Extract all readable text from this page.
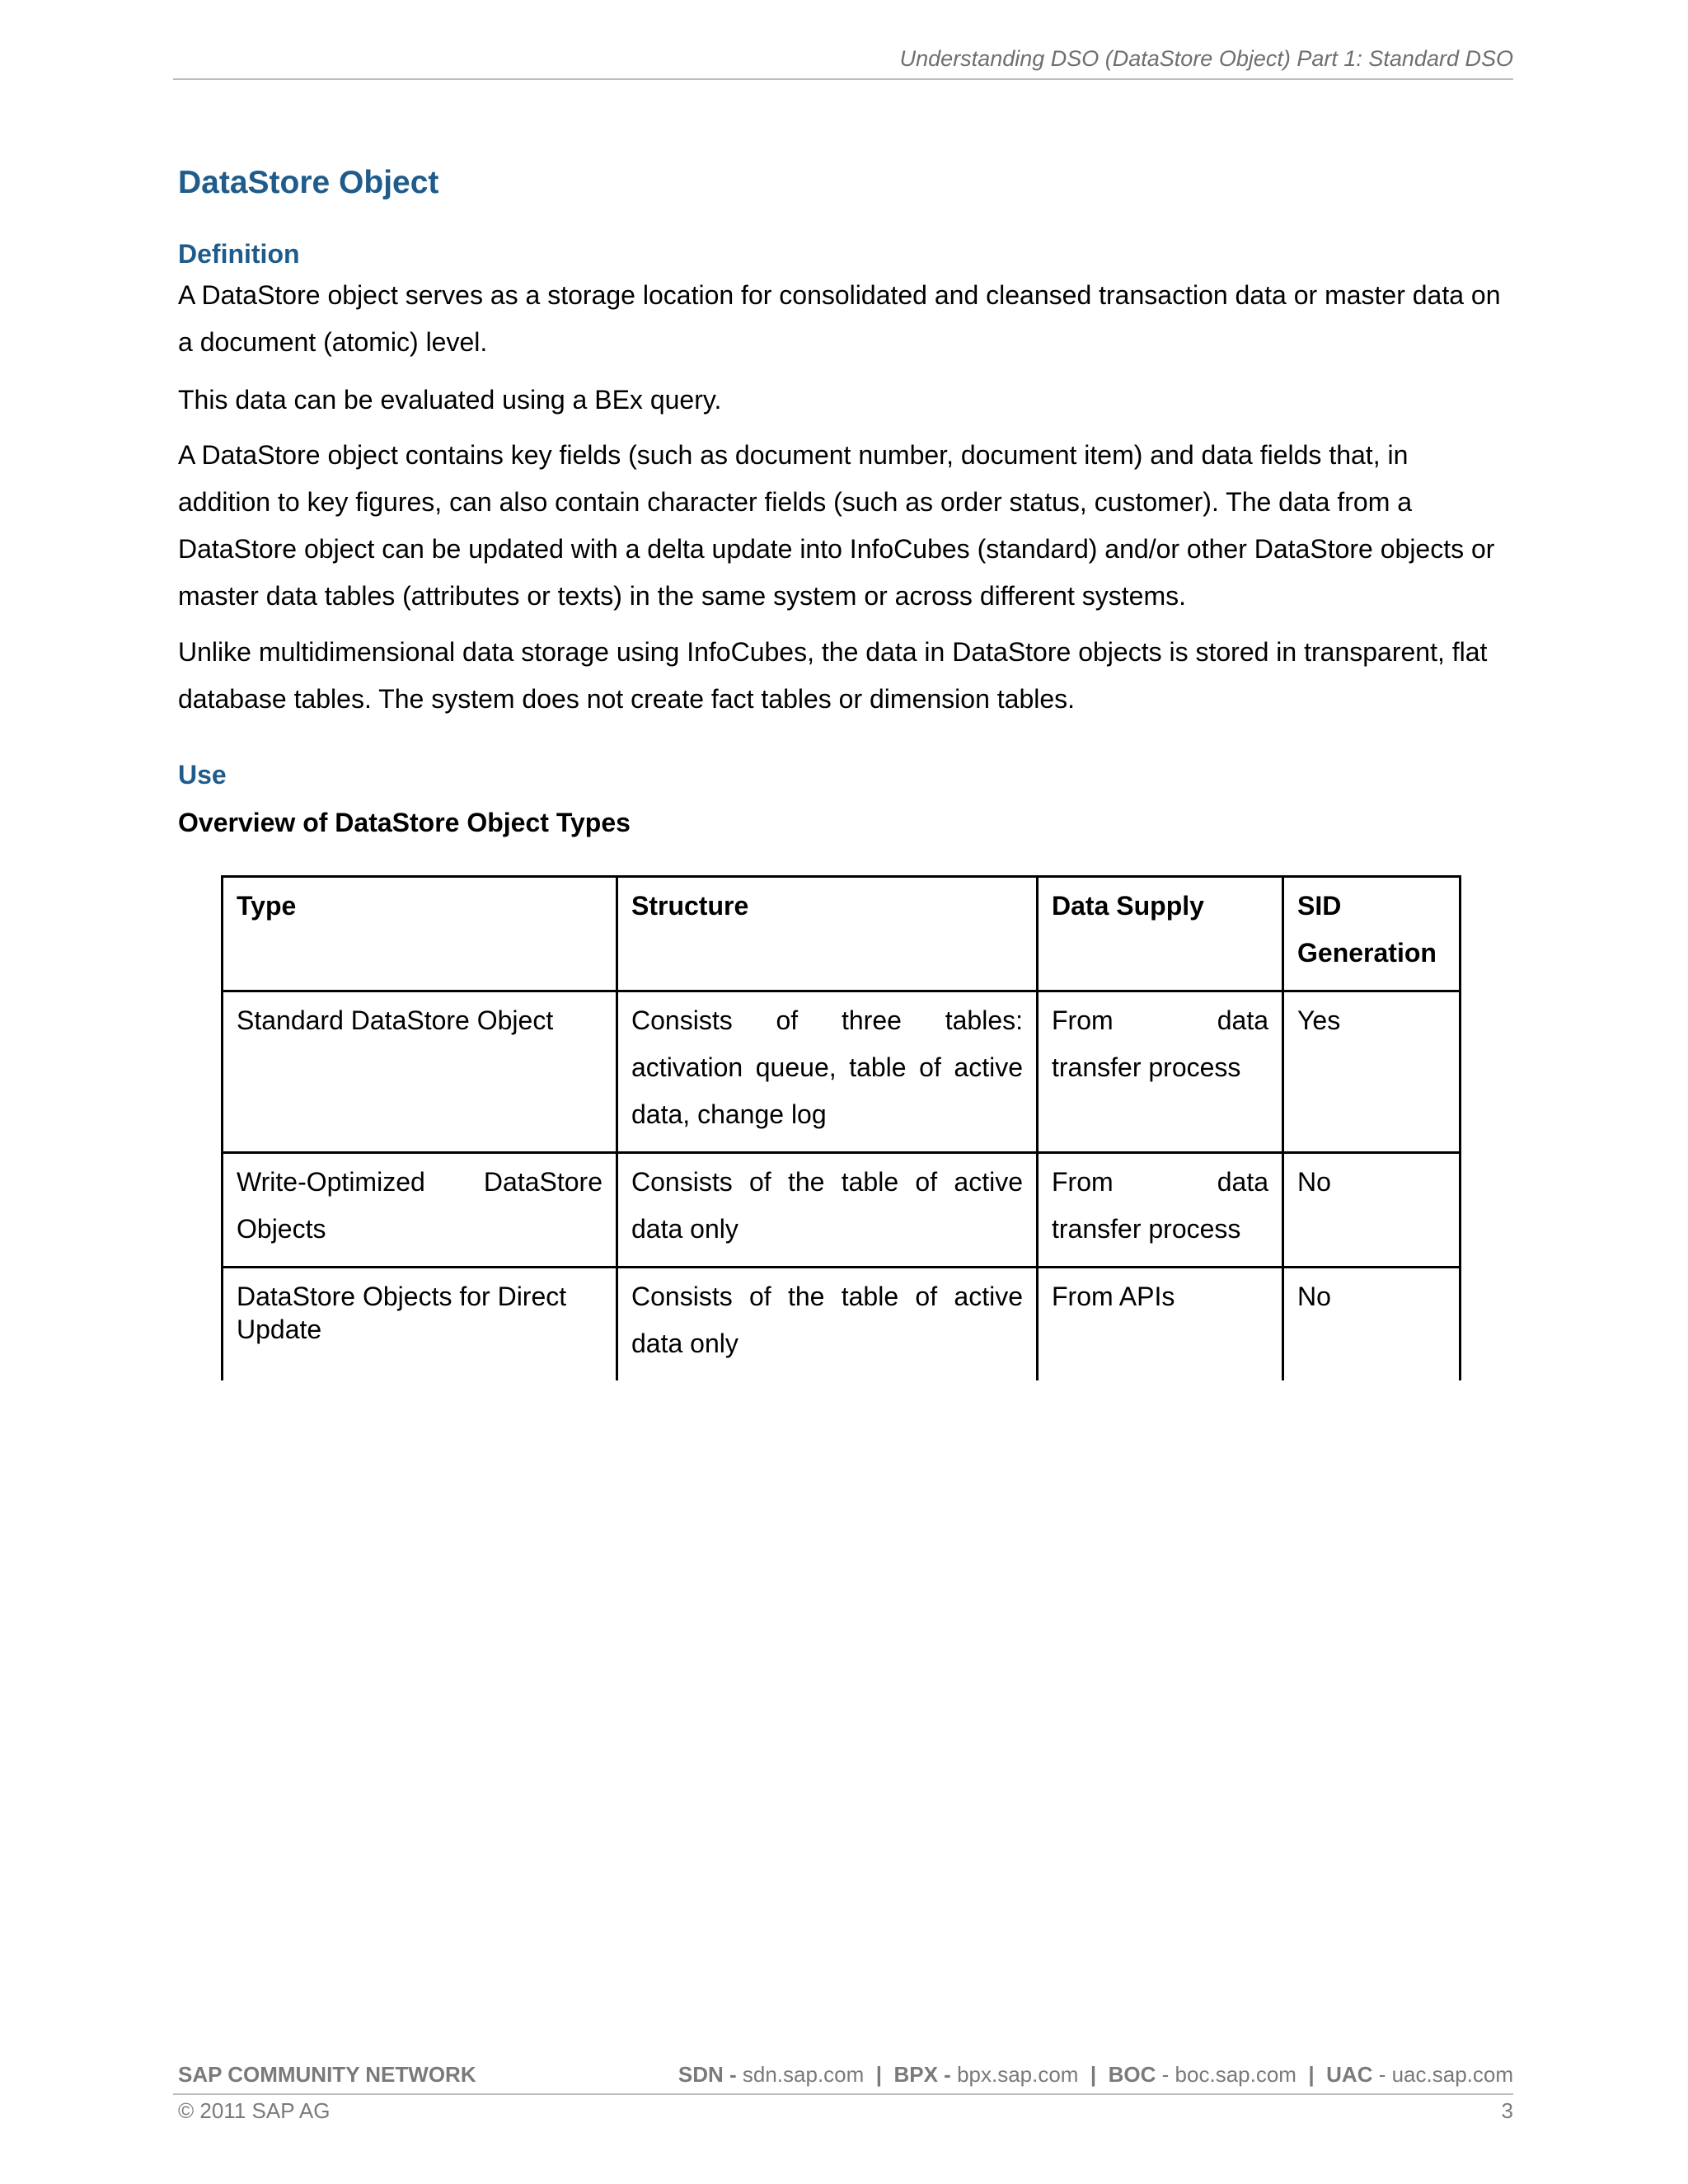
Understanding DSO (DataStore Object) Part 1: Standard DSO
DataStore Object
Definition
A DataStore object serves as a storage location for consolidated and cleansed transaction data or master data on a document (atomic) level.
This data can be evaluated using a BEx query.
A DataStore object contains key fields (such as document number, document item) and data fields that, in addition to key figures, can also contain character fields (such as order status, customer). The data from a DataStore object can be updated with a delta update into InfoCubes (standard) and/or other DataStore objects or master data tables (attributes or texts) in the same system or across different systems.
Unlike multidimensional data storage using InfoCubes, the data in DataStore objects is stored in transparent, flat database tables. The system does not create fact tables or dimension tables.
Use
Overview of DataStore Object Types
Type	Structure	Data Supply	SID Generation
Standard DataStore Object	Consists of three tables: activation queue, table of active data, change log	From data transfer process	Yes
Write-Optimized DataStore Objects	Consists of the table of active data only	From data transfer process	No

DataStore Objects for Direct Update	Consists of the table of active data only	From APIs	No
SAP COMMUNITY NETWORK	SDN - sdn.sap.com | BPX - bpx.sap.com | BOC - boc.sap.com | UAC - uac.sap.com
© 2011 SAP AG	3
